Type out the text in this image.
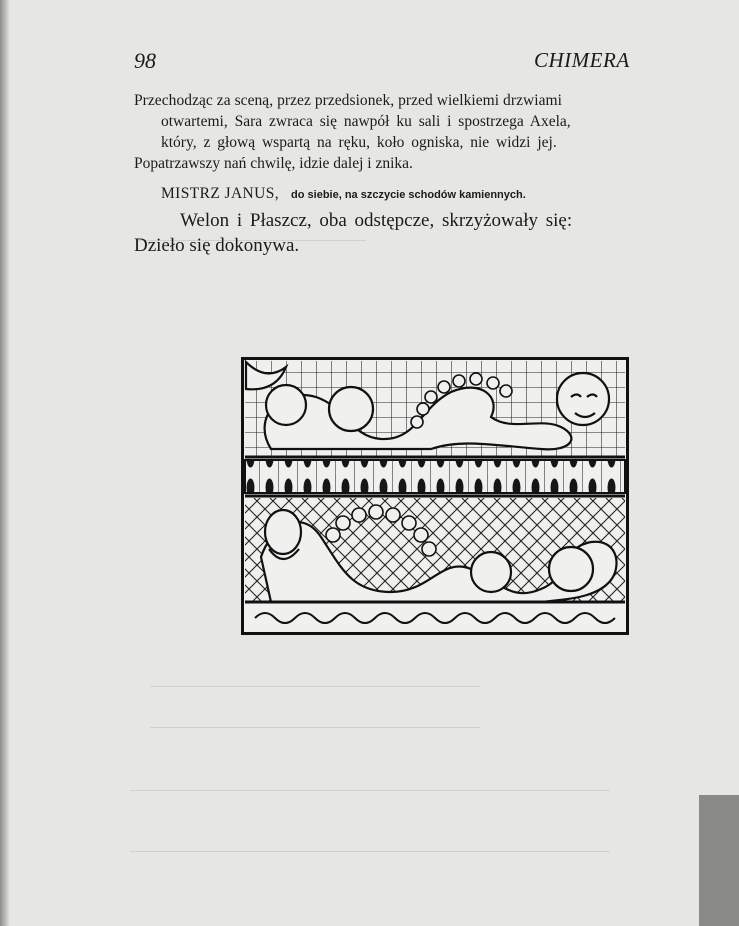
98	CHIMERA
Przechodząc za sceną, przez przedsionek, przed wielkiemi drzwiami
otwartemi, Sara zwraca się nawpół ku sali i spostrzega Axela,
który, z głową wspartą na ręku, koło ogniska, nie widzi jej.
Popatrzawszy nań chwilę, idzie dalej i znika.
MISTRZ JANUS, do siebie, na szczycie schodów kamiennych.
Welon i Płaszcz, oba odstępcze, skrzyżowały się:
Dzieło się dokonywa.
